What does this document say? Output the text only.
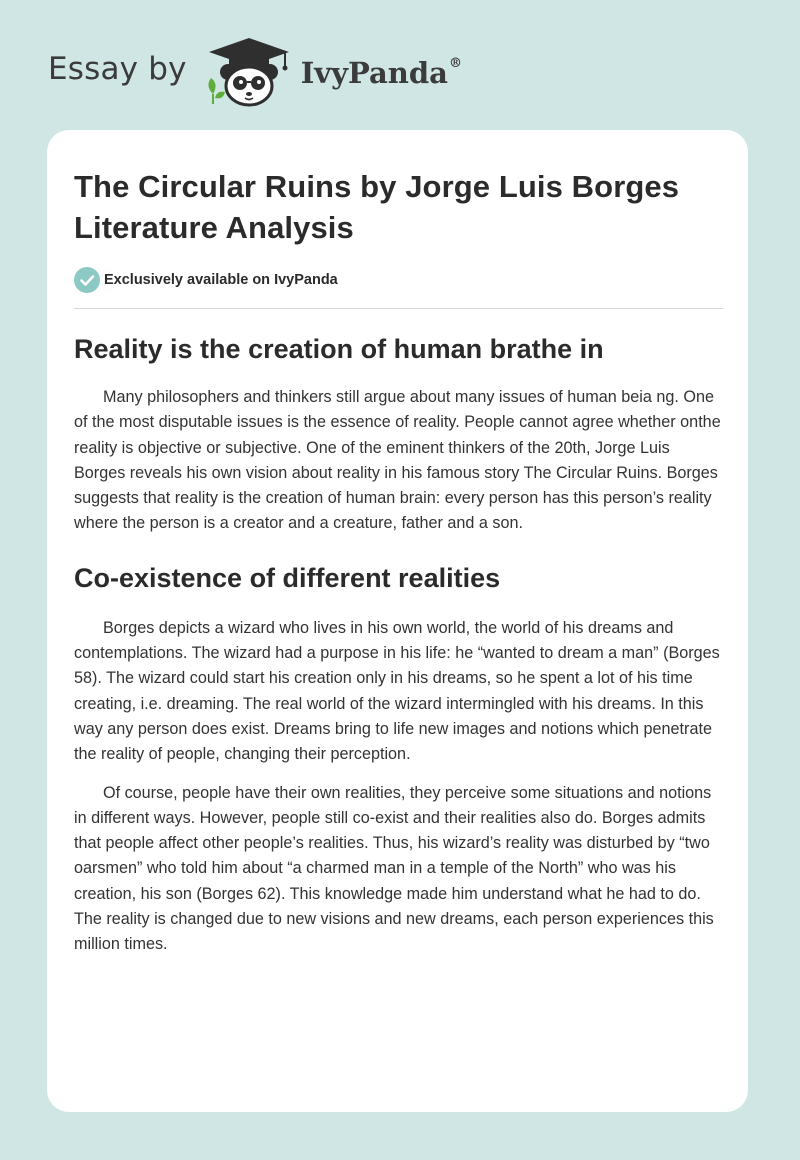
Essay by	IvyPanda®
The Circular Ruins by Jorge Luis Borges Literature Analysis
Exclusively available on IvyPanda
Reality is the creation of human brathe in

Many philosophers and thinkers still argue about many issues of human beia ng. One of the most disputable issues is the essence of reality. People cannot agree whether onthe reality is objective or subjective. One of the eminent thinkers of the 20th, Jorge Luis Borges reveals his own vision about reality in his famous story The Circular Ruins. Borges suggests that reality is the creation of human brain: every person has this person’s reality where the person is a creator and a creature, father and a son.

Co-existence of different realities

Borges depicts a wizard who lives in his own world, the world of his dreams and contemplations. The wizard had a purpose in his life: he “wanted to dream a man” (Borges 58). The wizard could start his creation only in his dreams, so he spent a lot of his time creating, i.e. dreaming. The real world of the wizard intermingled with his dreams. In this way any person does exist. Dreams bring to life new images and notions which penetrate the reality of people, changing their perception.

Of course, people have their own realities, they perceive some situations and notions in different ways. However, people still co-exist and their realities also do. Borges admits that people affect other people’s realities. Thus, his wizard’s reality was disturbed by “two oarsmen” who told him about “a charmed man in a temple of the North” who was his creation, his son (Borges 62). This knowledge made him understand what he had to do. The reality is changed due to new visions and new dreams, each person experiences this million times.
